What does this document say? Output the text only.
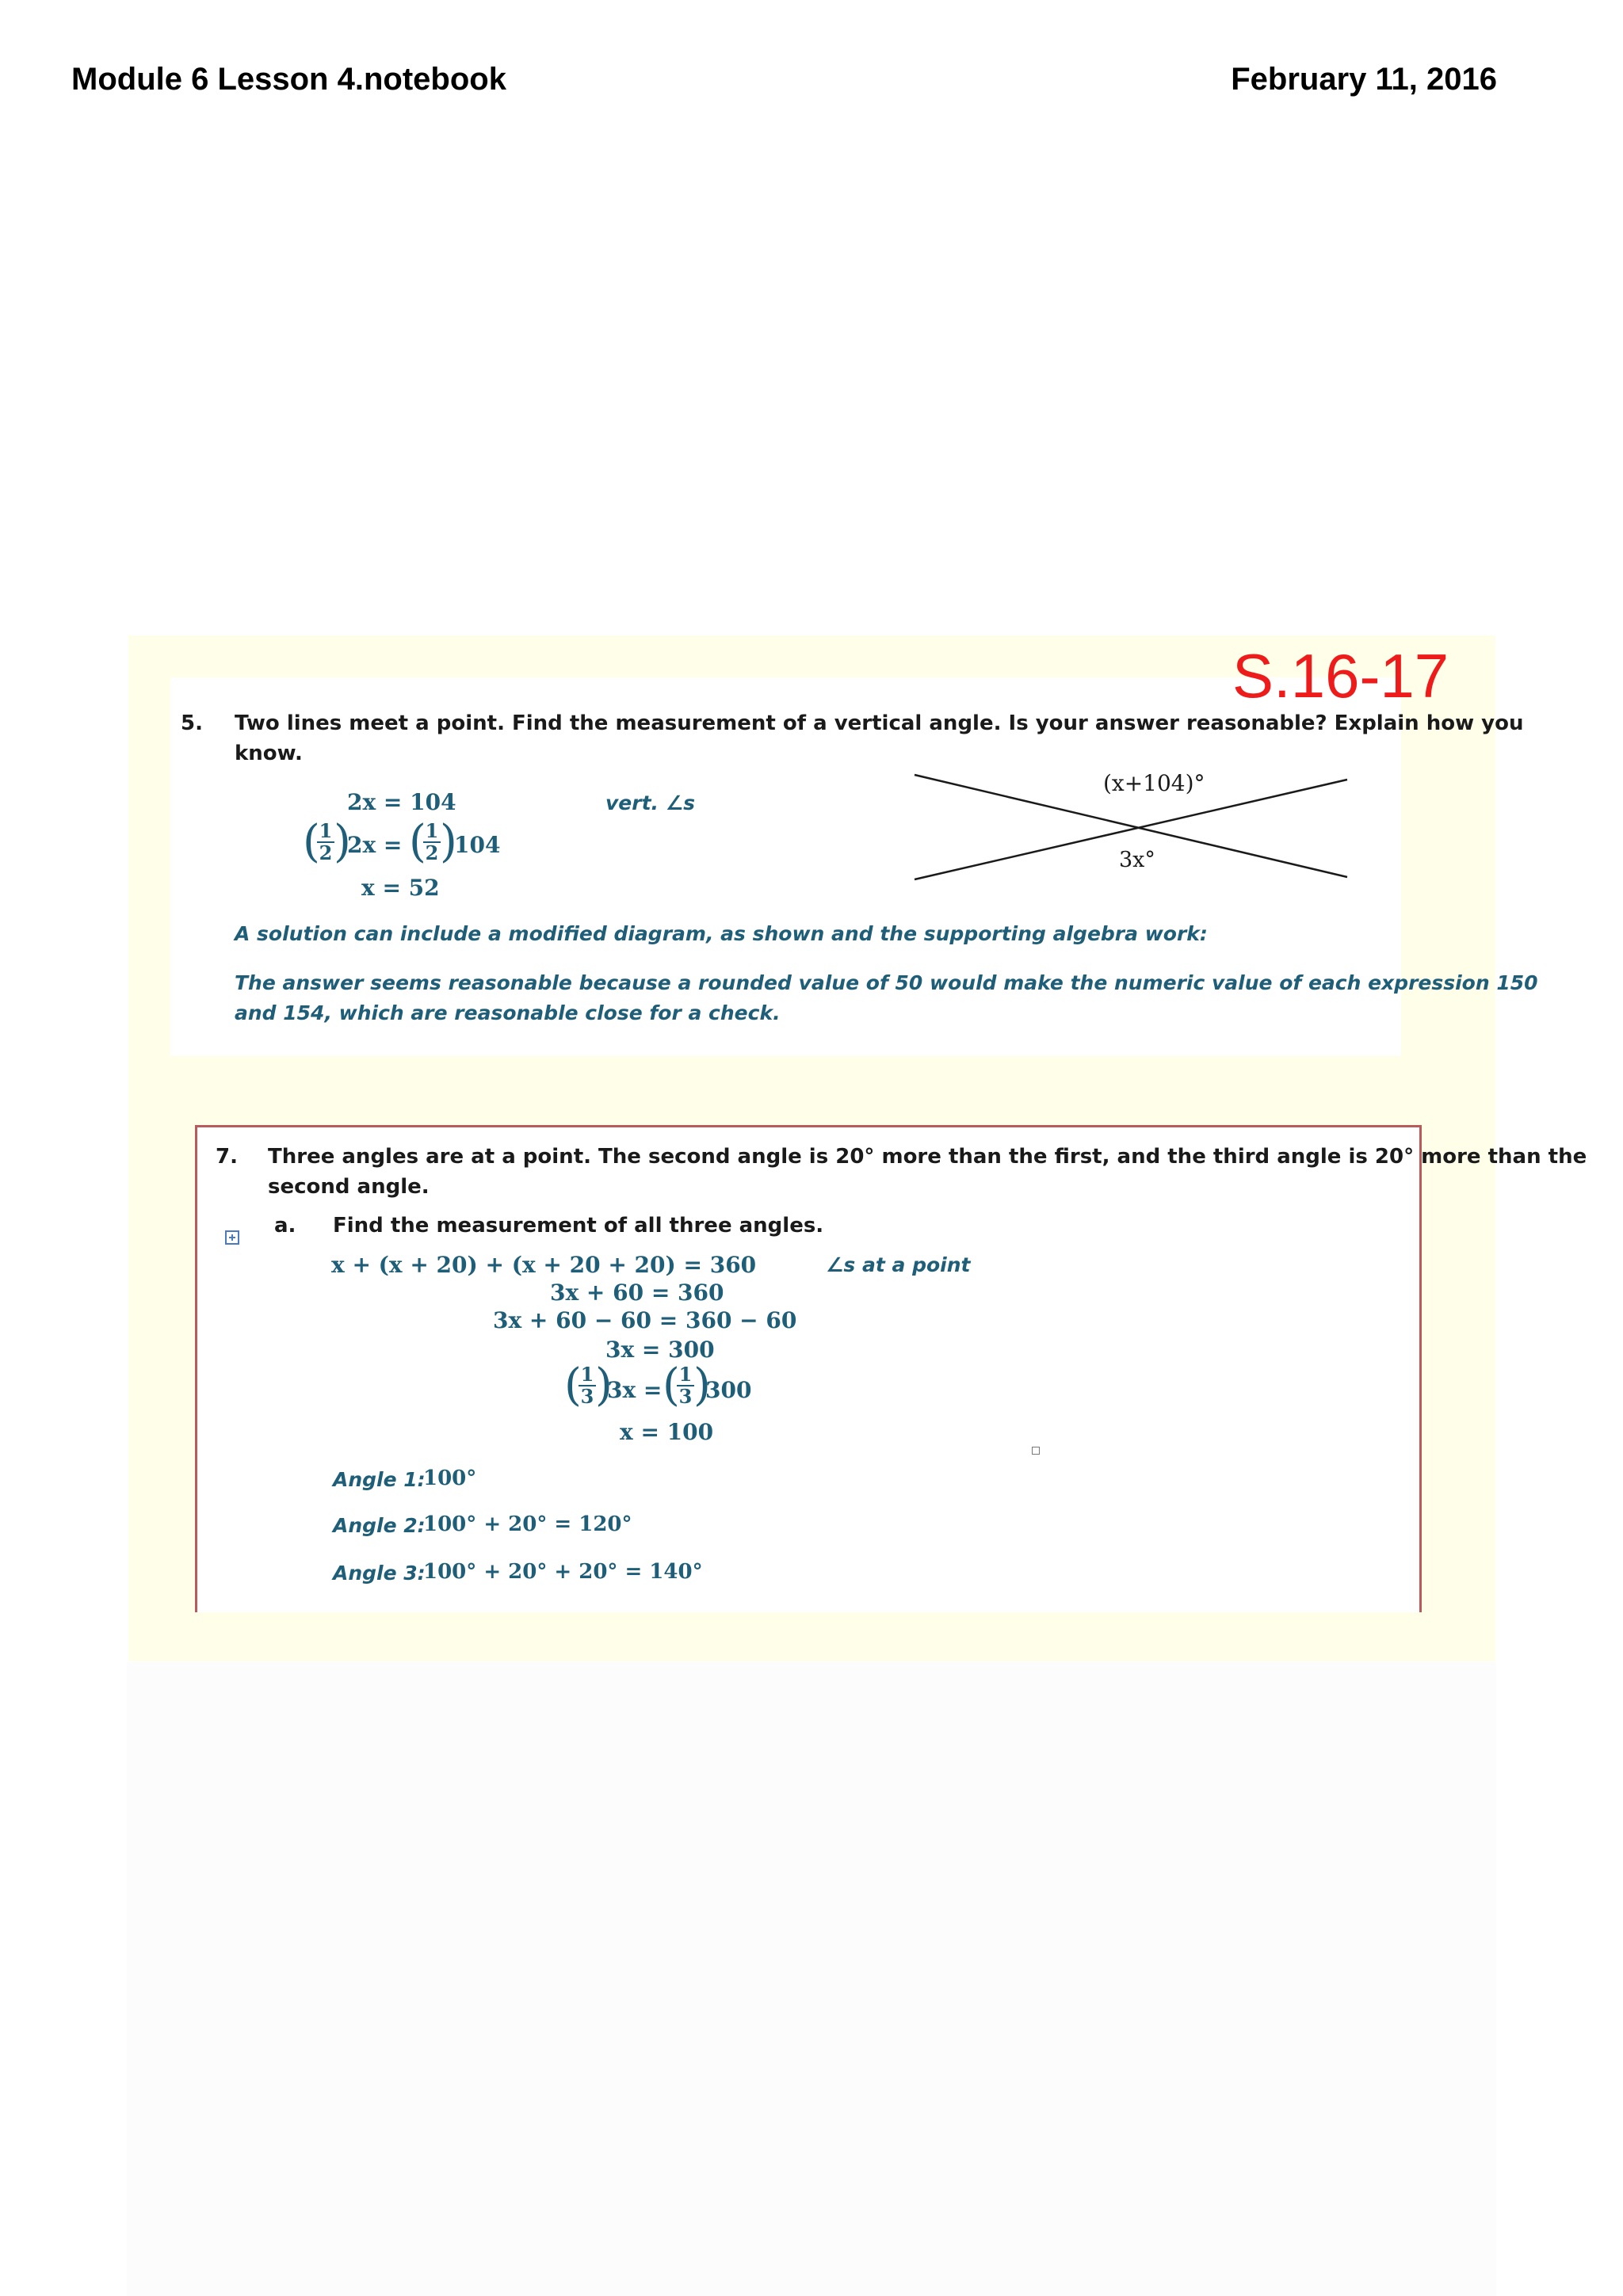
Module 6 Lesson 4.notebook	February 11, 2016
S.16-17
5. Two lines meet a point. Find the measurement of a vertical angle. Is your answer reasonable? Explain how you
know.
2x = 104
(
$\frac{1}{2}$ )
2x = (
$\frac{1}{2}$ )
104
x = 52
vert. ∠s
(x+104)°
3x°
A solution can include a modified diagram, as shown and the supporting algebra work:
The answer seems reasonable because a rounded value of 50 would make the numeric value of each expression 150
and 154, which are reasonable close for a check.
7. Three angles are at a point. The second angle is 20° more than the first, and the third angle is 20° more than the
second angle.
a. Find the measurement of all three angles.
x + (x + 20) + (x + 20 + 20) = 360
3x + 60 = 360
3x + 60 − 60 = 360 − 60
3x = 300
(
$\frac{1}{3}$ )
3x = (
$\frac{1}{3}$ )
300
x = 100
∠s at a point
Angle 1:
100°
Angle 2:
100° + 20° = 120°
Angle 3:
100° + 20° + 20° = 140°
